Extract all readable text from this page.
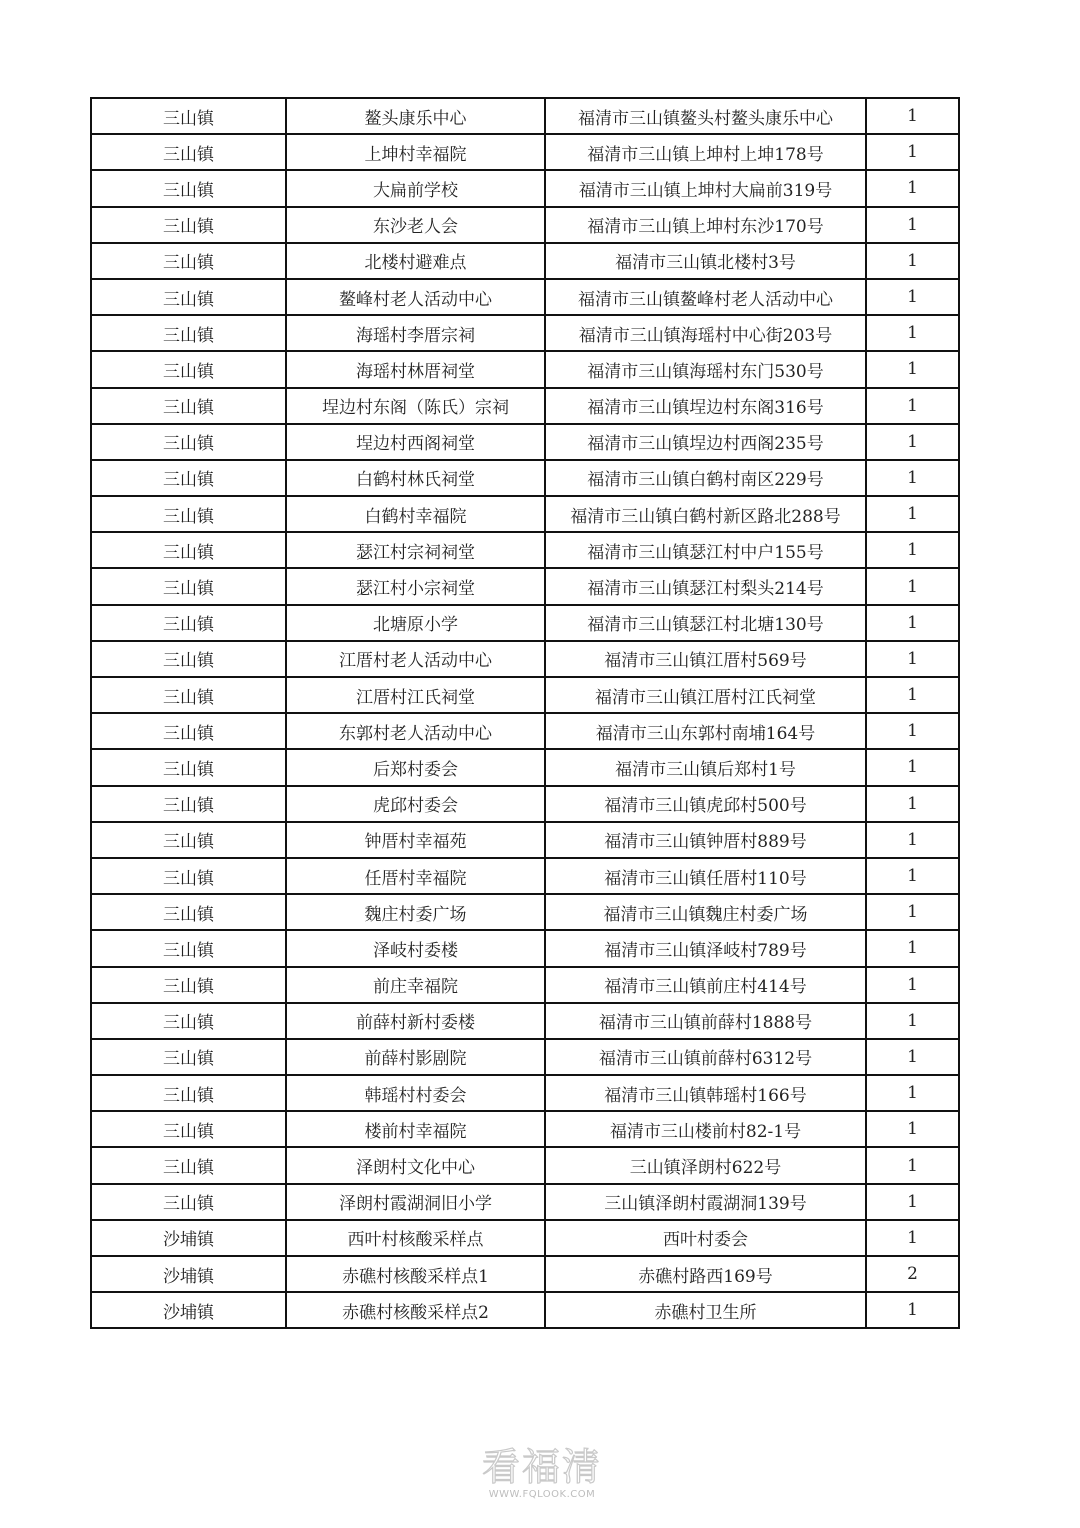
三山镇	鳌头康乐中心	福清市三山镇鳌头村鳌头康乐中心	1
三山镇	上坤村幸福院	福清市三山镇上坤村上坤178号	1
三山镇	大扁前学校	福清市三山镇上坤村大扁前319号	1
三山镇	东沙老人会	福清市三山镇上坤村东沙170号	1
三山镇	北楼村避难点	福清市三山镇北楼村3号	1
三山镇	鳌峰村老人活动中心	福清市三山镇鳌峰村老人活动中心	1
三山镇	海瑶村李厝宗祠	福清市三山镇海瑶村中心街203号	1
三山镇	海瑶村林厝祠堂	福清市三山镇海瑶村东门530号	1
三山镇	埕边村东阁（陈氏）宗祠	福清市三山镇埕边村东阁316号	1
三山镇	埕边村西阁祠堂	福清市三山镇埕边村西阁235号	1
三山镇	白鹤村林氏祠堂	福清市三山镇白鹤村南区229号	1
三山镇	白鹤村幸福院	福清市三山镇白鹤村新区路北288号	1
三山镇	瑟江村宗祠祠堂	福清市三山镇瑟江村中户155号	1
三山镇	瑟江村小宗祠堂	福清市三山镇瑟江村梨头214号	1
三山镇	北塘原小学	福清市三山镇瑟江村北塘130号	1
三山镇	江厝村老人活动中心	福清市三山镇江厝村569号	1
三山镇	江厝村江氏祠堂	福清市三山镇江厝村江氏祠堂	1
三山镇	东郭村老人活动中心	福清市三山东郭村南埔164号	1
三山镇	后郑村委会	福清市三山镇后郑村1号	1
三山镇	虎邱村委会	福清市三山镇虎邱村500号	1
三山镇	钟厝村幸福苑	福清市三山镇钟厝村889号	1
三山镇	任厝村幸福院	福清市三山镇任厝村110号	1
三山镇	魏庄村委广场	福清市三山镇魏庄村委广场	1
三山镇	泽岐村委楼	福清市三山镇泽岐村789号	1
三山镇	前庄幸福院	福清市三山镇前庄村414号	1
三山镇	前薛村新村委楼	福清市三山镇前薛村1888号	1
三山镇	前薛村影剧院	福清市三山镇前薛村6312号	1
三山镇	韩瑶村村委会	福清市三山镇韩瑶村166号	1
三山镇	楼前村幸福院	福清市三山楼前村82-1号	1
三山镇	泽朗村文化中心	三山镇泽朗村622号	1
三山镇	泽朗村霞湖洞旧小学	三山镇泽朗村霞湖洞139号	1
沙埔镇	西叶村核酸采样点	西叶村委会	1
沙埔镇	赤礁村核酸采样点1	赤礁村路西169号	2
沙埔镇	赤礁村核酸采样点2	赤礁村卫生所	1
看福清
WWW.FQLOOK.COM
